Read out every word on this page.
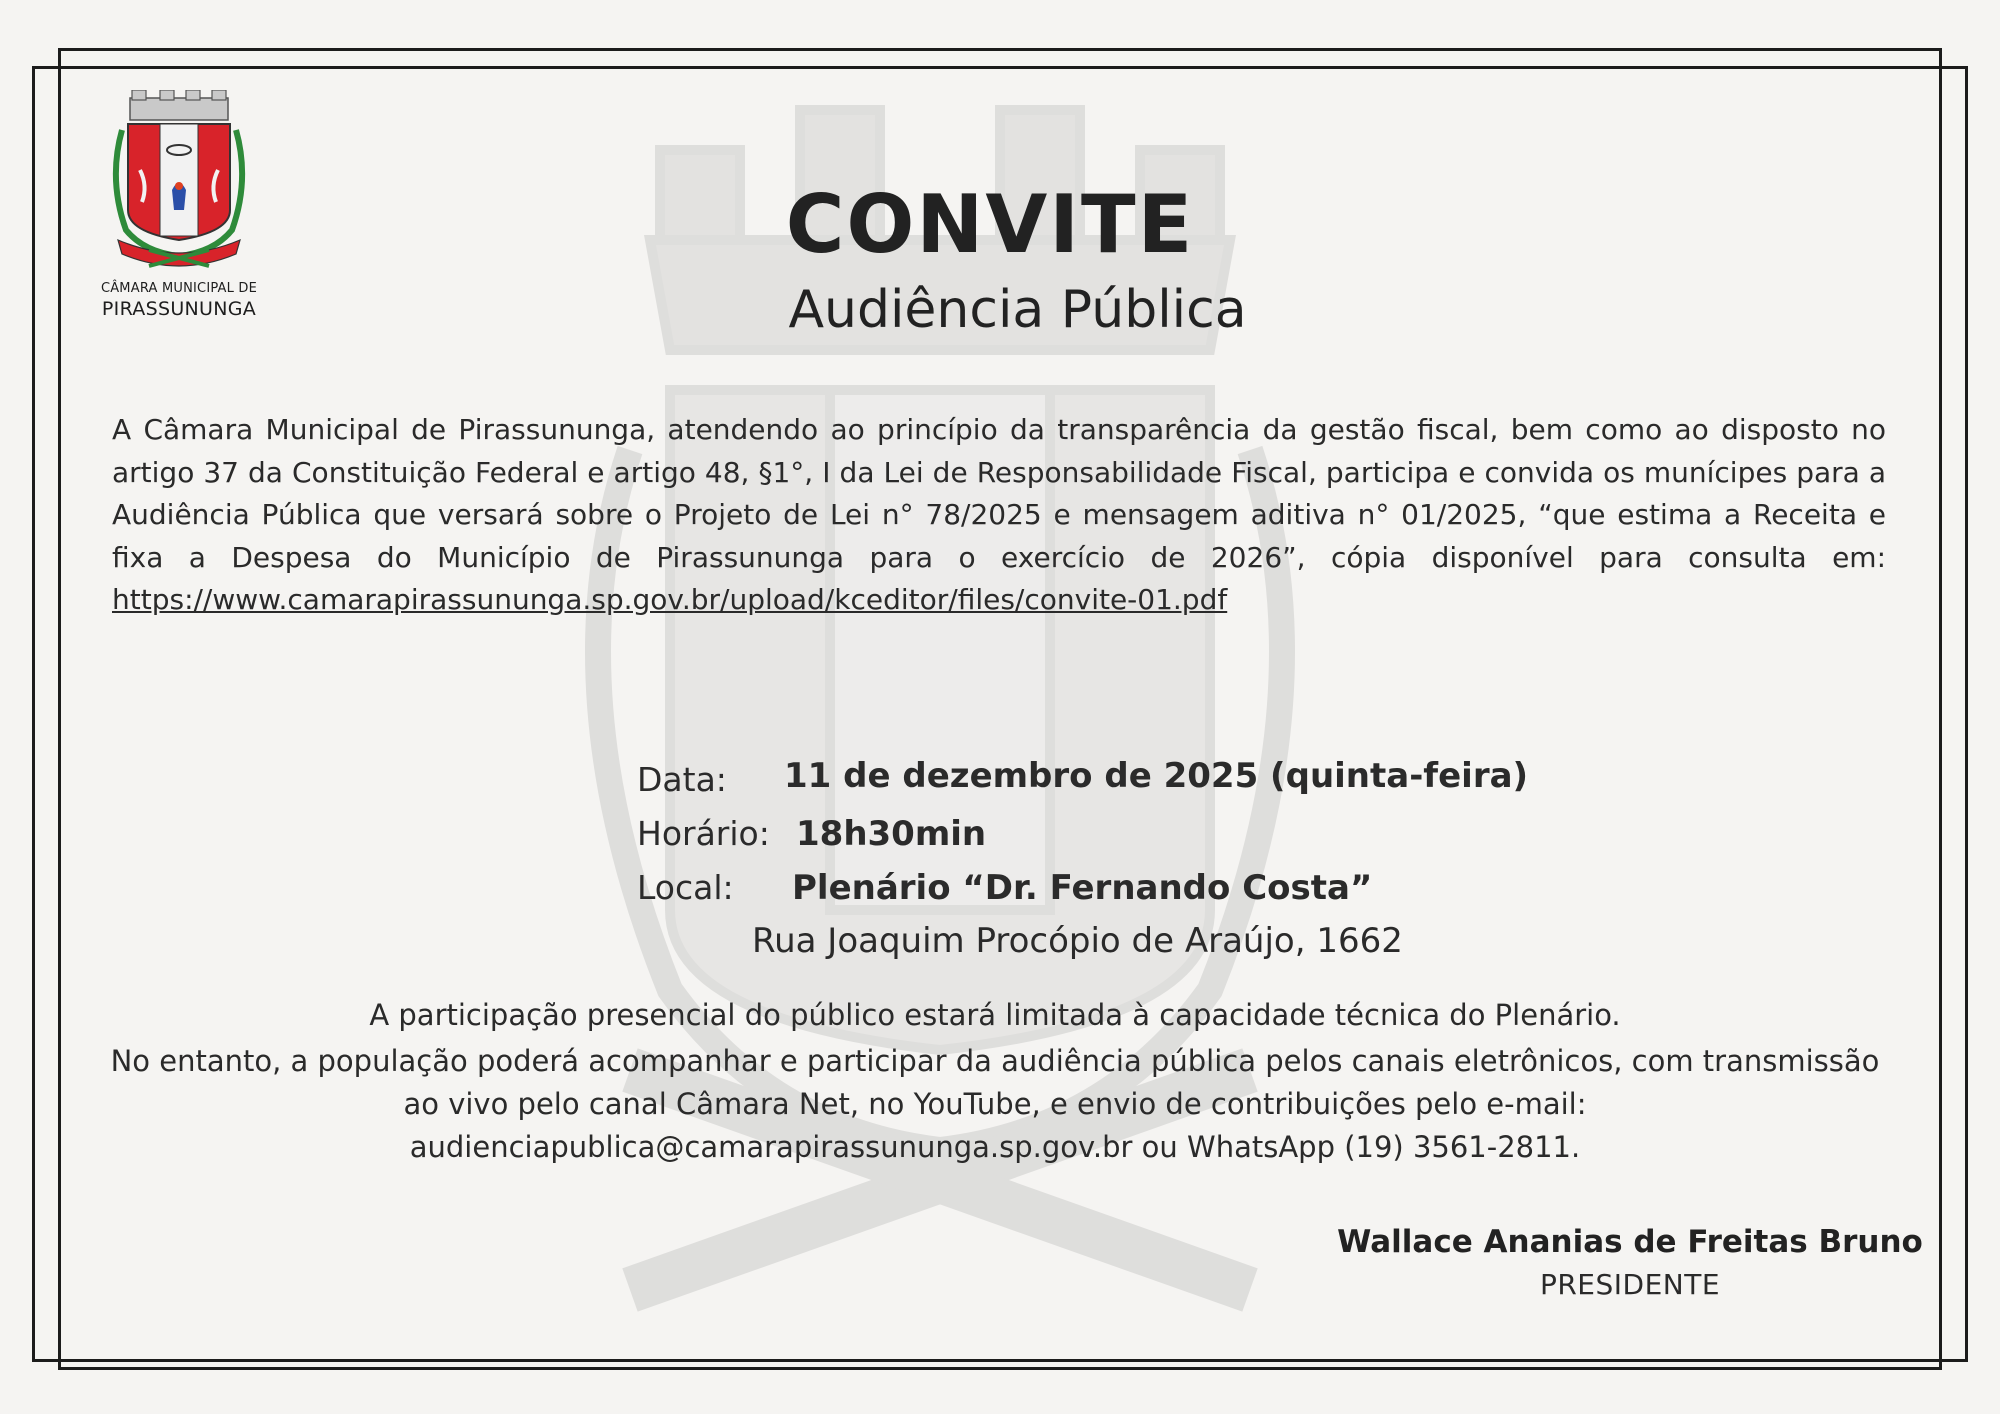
CÂMARA MUNICIPAL DE
PIRASSUNUNGA
CONVITE
Audiência Pública
A Câmara Municipal de Pirassununga, atendendo ao princípio da transparência da gestão fiscal, bem como ao disposto no artigo 37 da Constituição Federal e artigo 48, §1°, I da Lei de Responsabilidade Fiscal, participa e convida os munícipes para a Audiência Pública que versará sobre o Projeto de Lei n° 78/2025 e mensagem aditiva n° 01/2025, “que estima a Receita e fixa a Despesa do Município de Pirassununga para o exercício de 2026”, cópia disponível para consulta em: https://www.camarapirassununga.sp.gov.br/upload/kceditor/files/convite-01.pdf
Data: 11 de dezembro de 2025 (quinta-feira)
Horário: 18h30min
Local: Plenário “Dr. Fernando Costa”
Rua Joaquim Procópio de Araújo, 1662

A participação presencial do público estará limitada à capacidade técnica do Plenário.

No entanto, a população poderá acompanhar e participar da audiência pública pelos canais eletrônicos, com transmissão ao vivo pelo canal Câmara Net, no YouTube, e envio de contribuições pelo e-mail: audienciapublica@camarapirassununga.sp.gov.br ou WhatsApp (19) 3561-2811.

Wallace Ananias de Freitas Bruno
PRESIDENTE
